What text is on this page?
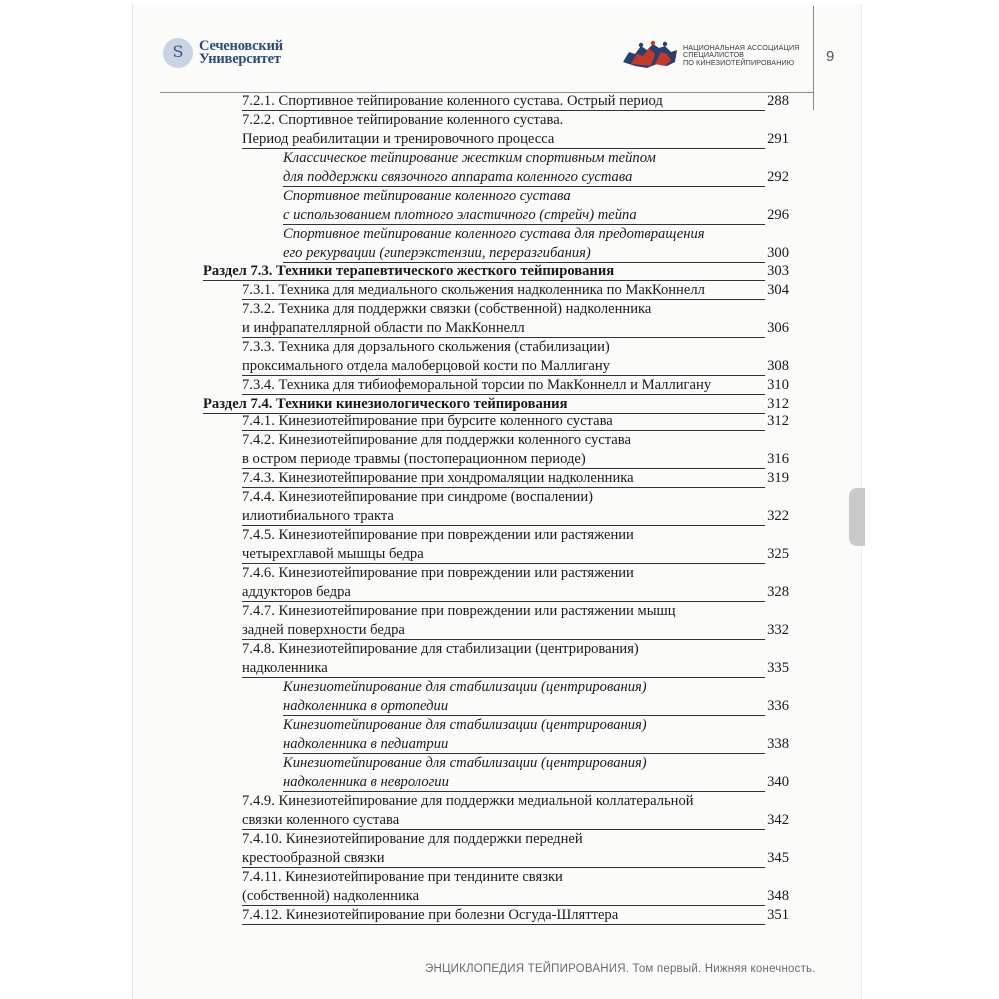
S	Сеченовский
Университет
НАЦИОНАЛЬНАЯ АССОЦИАЦИЯ
СПЕЦИАЛИСТОВ
ПО КИНЕЗИОТЕЙПИРОВАНИЮ	9
7.2.1. Спортивное тейпирование коленного сустава. Острый период	288
7.2.2. Спортивное тейпирование коленного сустава.
Период реабилитации и тренировочного процесса	291
Классическое тейпирование жестким спортивным тейпом
для поддержки связочного аппарата коленного сустава	292
Спортивное тейпирование коленного сустава
с использованием плотного эластичного (стрейч) тейпа	296
Спортивное тейпирование коленного сустава для предотвращения
его рекурвации (гиперэкстензии, переразгибания)	300
Раздел 7.3. Техники терапевтического жесткого тейпирования	303
7.3.1. Техника для медиального скольжения надколенника по МакКоннелл	304
7.3.2. Техника для поддержки связки (собственной) надколенника
и инфрапателлярной области по МакКоннелл	306
7.3.3. Техника для дорзального скольжения (стабилизации)
проксимального отдела малоберцовой кости по Маллигану	308
7.3.4. Техника для тибиофеморальной торсии по МакКоннелл и Маллигану	310
Раздел 7.4. Техники кинезиологического тейпирования	312
7.4.1. Кинезиотейпирование при бурсите коленного сустава	312
7.4.2. Кинезиотейпирование для поддержки коленного сустава
в остром периоде травмы (постоперационном периоде)	316
7.4.3. Кинезиотейпирование при хондромаляции надколенника	319
7.4.4. Кинезиотейпирование при синдроме (воспалении)
илиотибиального тракта	322
7.4.5. Кинезиотейпирование при повреждении или растяжении
четырехглавой мышцы бедра	325
7.4.6. Кинезиотейпирование при повреждении или растяжении
аддукторов бедра	328
7.4.7. Кинезиотейпирование при повреждении или растяжении мышц
задней поверхности бедра	332
7.4.8. Кинезиотейпирование для стабилизации (центрирования)
надколенника	335
Кинезиотейпирование для стабилизации (центрирования)
надколенника в ортопедии	336
Кинезиотейпирование для стабилизации (центрирования)
надколенника в педиатрии	338
Кинезиотейпирование для стабилизации (центрирования)
надколенника в неврологии	340
7.4.9. Кинезиотейпирование для поддержки медиальной коллатеральной
связки коленного сустава	342
7.4.10. Кинезиотейпирование для поддержки передней
крестообразной связки	345
7.4.11. Кинезиотейпирование при тендините связки
(собственной) надколенника	348
7.4.12. Кинезиотейпирование при болезни Осгуда-Шляттера	351
ЭНЦИКЛОПЕДИЯ ТЕЙПИРОВАНИЯ. Том первый. Нижняя конечность.
